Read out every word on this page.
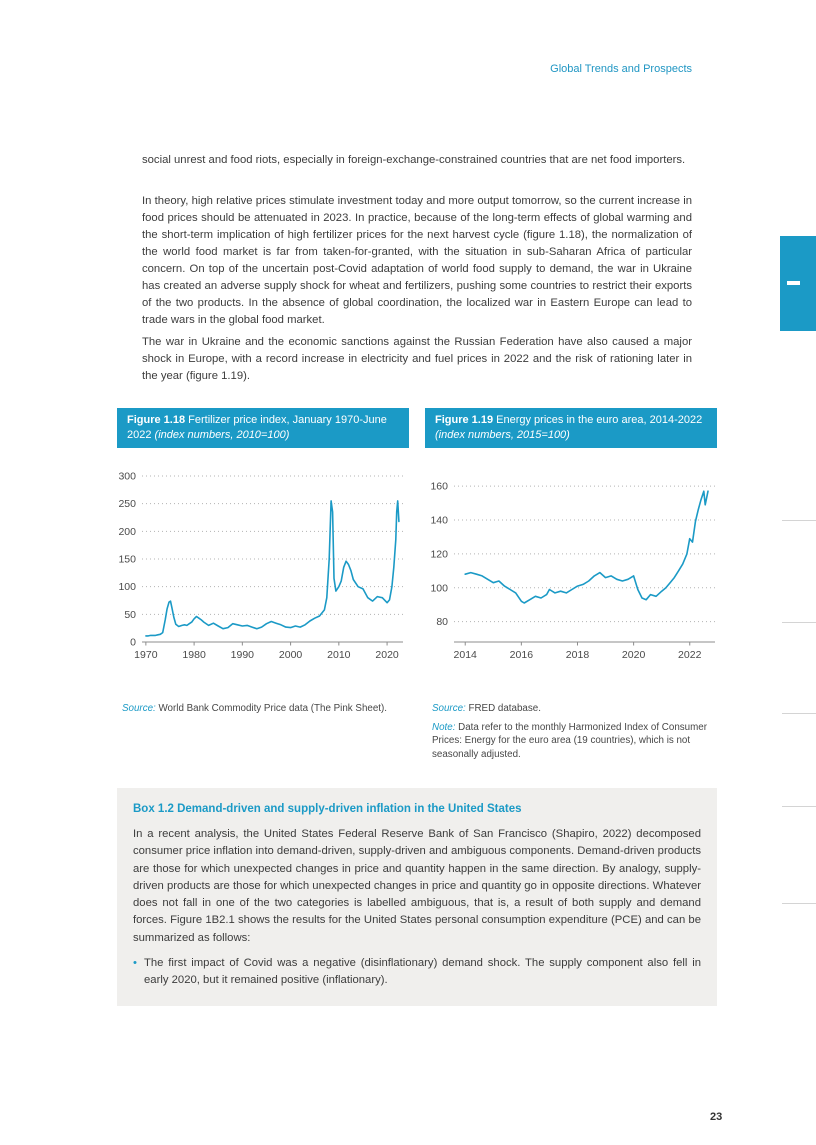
Global Trends and Prospects

social unrest and food riots, especially in foreign-exchange-constrained countries that are net food importers.

In theory, high relative prices stimulate investment today and more output tomorrow, so the current increase in food prices should be attenuated in 2023. In practice, because of the long-term effects of global warming and the short-term implication of high fertilizer prices for the next harvest cycle (figure 1.18), the normalization of the world food market is far from taken-for-granted, with the situation in sub-Saharan Africa of particular concern. On top of the uncertain post-Covid adaptation of world food supply to demand, the war in Ukraine has created an adverse supply shock for wheat and fertilizers, pushing some countries to restrict their exports of the two products. In the absence of global coordination, the localized war in Eastern Europe can lead to trade wars in the global food market.

The war in Ukraine and the economic sanctions against the Russian Federation have also caused a major shock in Europe, with a record increase in electricity and fuel prices in 2022 and the risk of rationing later in the year (figure 1.19).

Figure 1.18 Fertilizer price index, January 1970-June 2022 (index numbers, 2010=100)
Figure 1.19 Energy prices in the euro area, 2014-2022 (index numbers, 2015=100)
0
50
100
150
200
250
300
1970 1980 1990 2000 2010 2020
80
100
120
140
160
2014	2016	2018	2020	2022

Source: World Bank Commodity Price data (The Pink Sheet).	Source: FRED database.

Note: Data refer to the monthly Harmonized Index of Consumer Prices: Energy for the euro area (19 countries), which is not seasonally adjusted.

Box 1.2 Demand-driven and supply-driven inflation in the United States

In a recent analysis, the United States Federal Reserve Bank of San Francisco (Shapiro, 2022) decomposed consumer price inflation into demand-driven, supply-driven and ambiguous components. Demand-driven products are those for which unexpected changes in price and quantity happen in the same direction. By analogy, supply-driven products are those for which unexpected changes in price and quantity go in opposite directions. Whatever does not fall in one of the two categories is labelled ambiguous, that is, a result of both supply and demand forces. Figure 1B2.1 shows the results for the United States personal consumption expenditure (PCE) and can be summarized as follows:

• The first impact of Covid was a negative (disinflationary) demand shock. The supply component also fell in early 2020, but it remained positive (inflationary).
23
